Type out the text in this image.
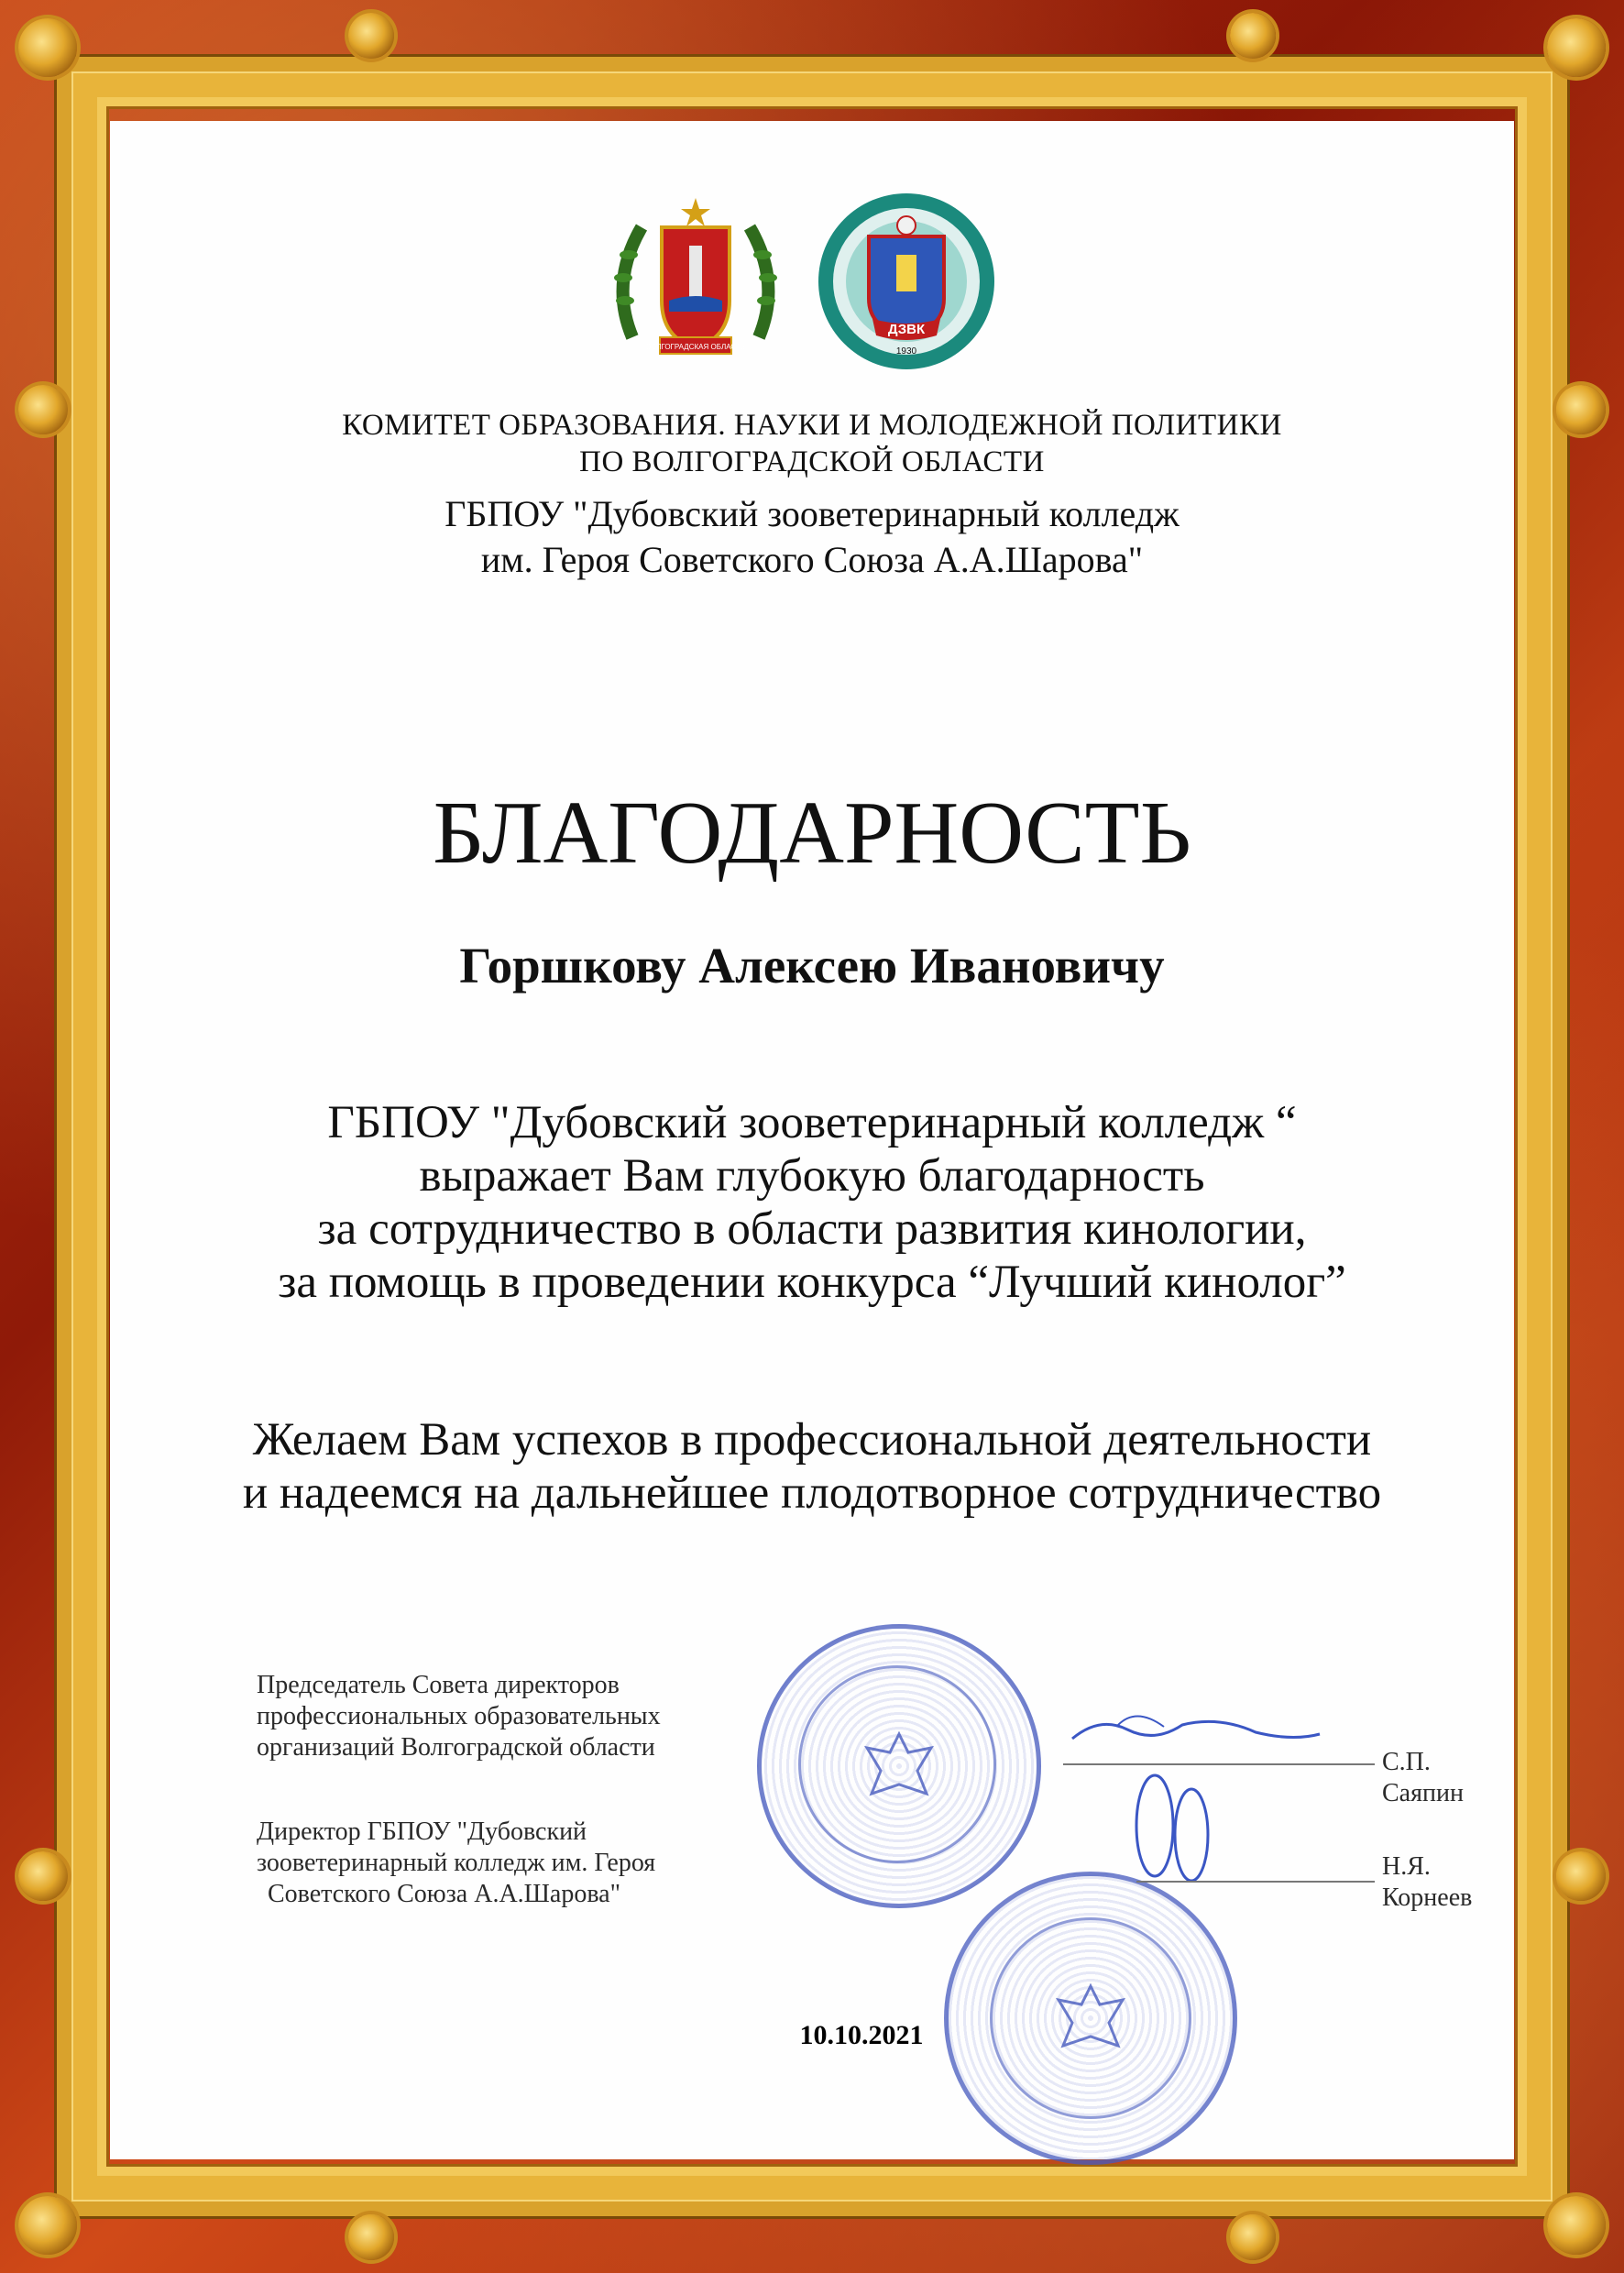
ВОЛГОГРАДСКАЯ ОБЛАСТЬ
ДЗВК
1930
КОМИТЕТ ОБРАЗОВАНИЯ. НАУКИ И МОЛОДЕЖНОЙ ПОЛИТИКИ
ПО ВОЛГОГРАДСКОЙ ОБЛАСТИ
ГБПОУ "Дубовский зооветеринарный колледж
им. Героя Советского Союза А.А.Шарова"
БЛАГОДАРНОСТЬ
Горшкову Алексею Ивановичу
ГБПОУ "Дубовский зооветеринарный колледж “
выражает Вам глубокую благодарность
за сотрудничество в области развития кинологии,
за помощь в проведении конкурса “Лучший кинолог”
Желаем Вам успехов в профессиональной деятельности
и надеемся на дальнейшее плодотворное сотрудничество
Председатель Совета директоров
профессиональных образовательных
организаций Волгоградской области
Директор ГБПОУ "Дубовский
зооветеринарный колледж им. Героя
Советского Союза А.А.Шарова"
С.П. Саяпин
Н.Я. Корнеев
10.10.2021
